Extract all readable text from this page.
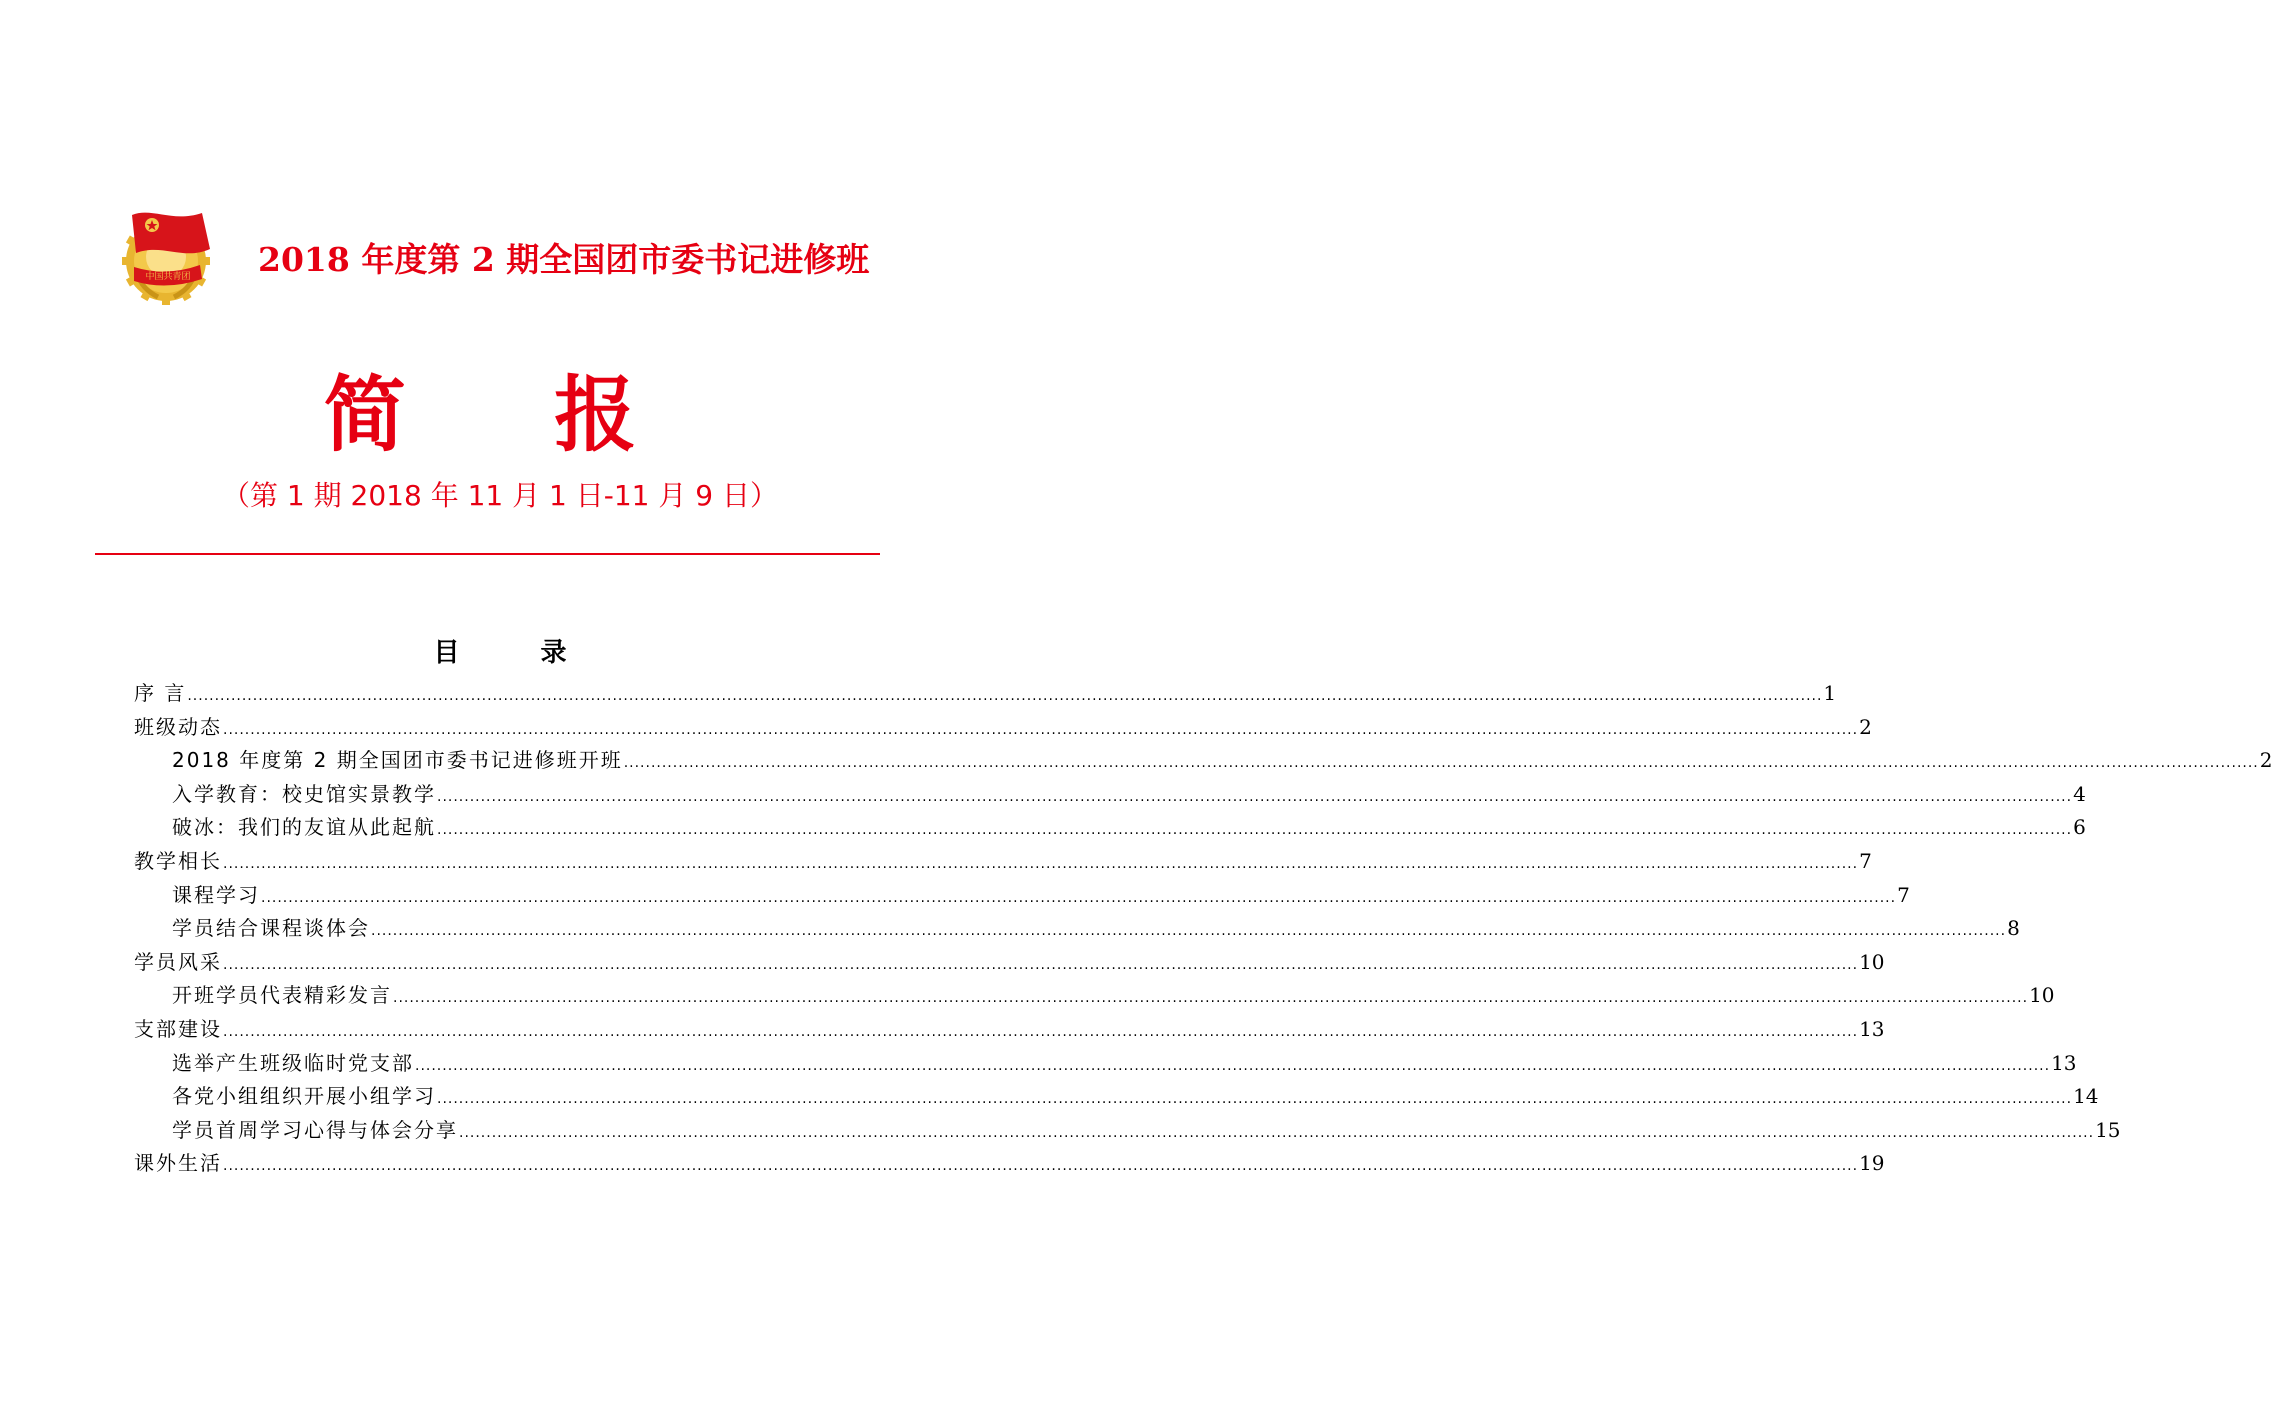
中国共青团 2018 年度第 2 期全国团市委书记进修班
简 报
（第 1 期 2018 年 11 月 1 日-11 月 9 日）
目 录
序 言 ............................................................................................................................................................................................................................................................................................................ 1
班级动态 ............................................................................................................................................................................................................................................................................................................ 2
2018 年度第 2 期全国团市委书记进修班开班 ............................................................................................................................................................................................................................................................................................................ 2
入学教育：校史馆实景教学 ............................................................................................................................................................................................................................................................................................................ 4
破冰：我们的友谊从此起航 ............................................................................................................................................................................................................................................................................................................ 6
教学相长 ............................................................................................................................................................................................................................................................................................................ 7
课程学习 ............................................................................................................................................................................................................................................................................................................ 7
学员结合课程谈体会 ............................................................................................................................................................................................................................................................................................................ 8
学员风采 ............................................................................................................................................................................................................................................................................................................ 10
开班学员代表精彩发言 ............................................................................................................................................................................................................................................................................................................ 10
支部建设 ............................................................................................................................................................................................................................................................................................................ 13
选举产生班级临时党支部 ............................................................................................................................................................................................................................................................................................................ 13
各党小组组织开展小组学习 ............................................................................................................................................................................................................................................................................................................ 14
学员首周学习心得与体会分享 ............................................................................................................................................................................................................................................................................................................ 15
课外生活 ............................................................................................................................................................................................................................................................................................................ 19
